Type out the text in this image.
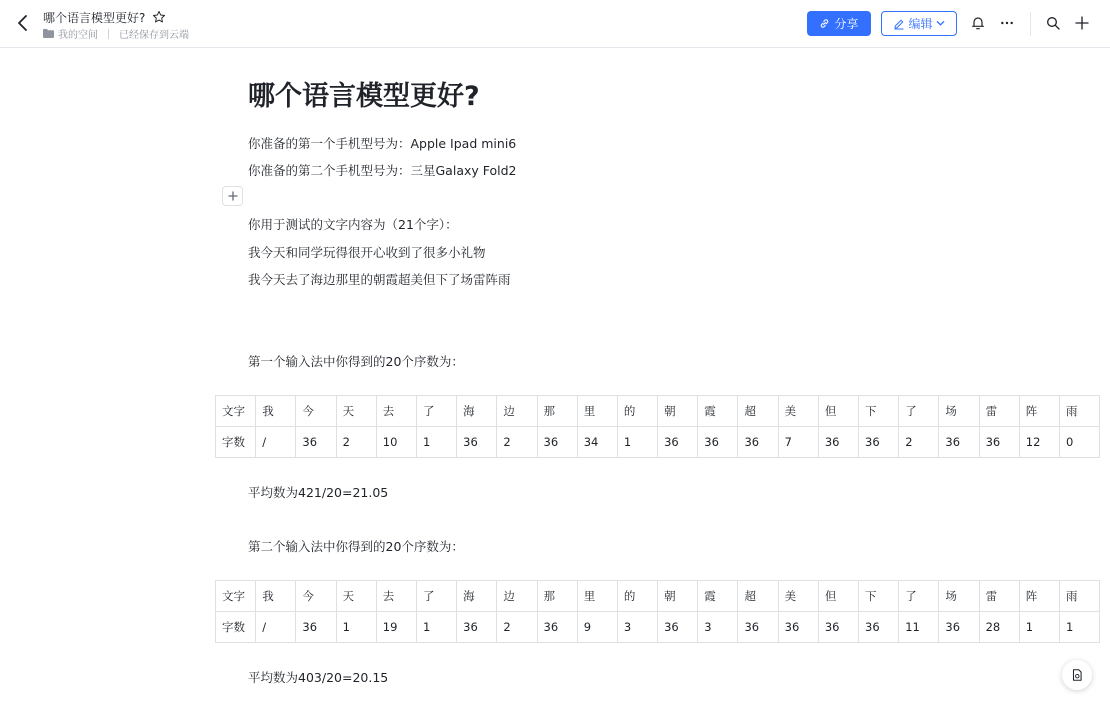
哪个语言模型更好?
我的空间 已经保存到云端
分享	编辑
哪个语言模型更好?
你准备的第一个手机型号为：Apple Ipad mini6
你准备的第二个手机型号为：三星Galaxy Fold2
你用于测试的文字内容为（21个字）：
我今天和同学玩得很开心收到了很多小礼物
我今天去了海边那里的朝霞超美但下了场雷阵雨
第一个输入法中你得到的20个序数为：
文字	我	今	天	去	了	海	边	那	里	的	朝	霞	超	美	但	下	了	场	雷	阵	雨
字数	/	36	2	10	1	36	2	36	34	1	36	36	36	7	36	36	2	36	36	12	0
平均数为421/20=21.05
第二个输入法中你得到的20个序数为：
文字	我	今	天	去	了	海	边	那	里	的	朝	霞	超	美	但	下	了	场	雷	阵	雨
字数	/	36	1	19	1	36	2	36	9	3	36	3	36	36	36	36	11	36	28	1	1
平均数为403/20=20.15
